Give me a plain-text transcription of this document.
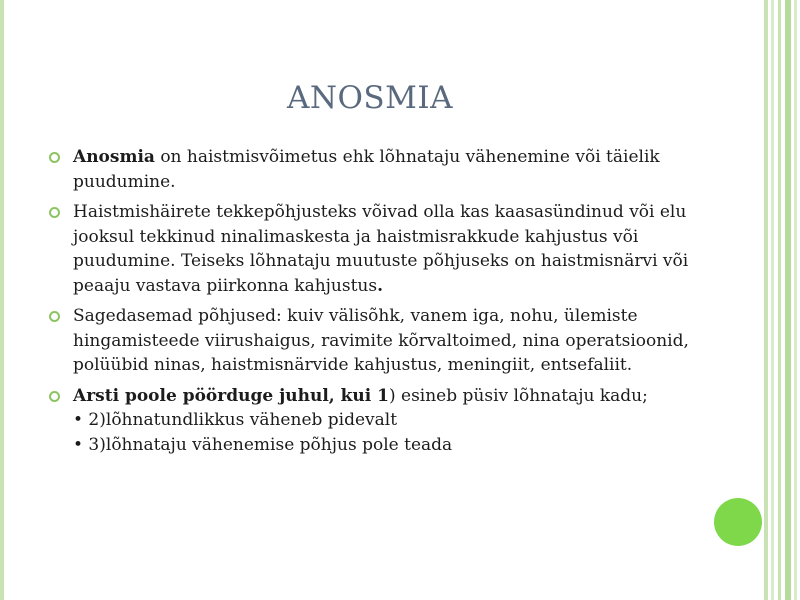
ANOSMIA
Anosmia on haistmisvõimetus ehk lõhnataju vähenemine või täielik puudumine.
Haistmishäirete tekkepõhjusteks võivad olla kas kaasasündinud või elu jooksul tekkinud ninalimaskesta ja haistmisrakkude kahjustus või puudumine. Teiseks lõhnataju muutuste põhjuseks on haistmisnärvi või peaaju vastava piirkonna kahjustus.
Sagedasemad põhjused: kuiv välisõhk, vanem iga, nohu, ülemiste hingamisteede viirushaigus, ravimite kõrvaltoimed, nina operatsioonid, polüübid ninas, haistmisnärvide kahjustus, meningiit, entsefaliit.
Arsti poole pöörduge juhul, kui 1) esineb püsiv lõhnataju kadu;
• 2)lõhnatundlikkus väheneb pidevalt
• 3)lõhnataju vähenemise põhjus pole teada
